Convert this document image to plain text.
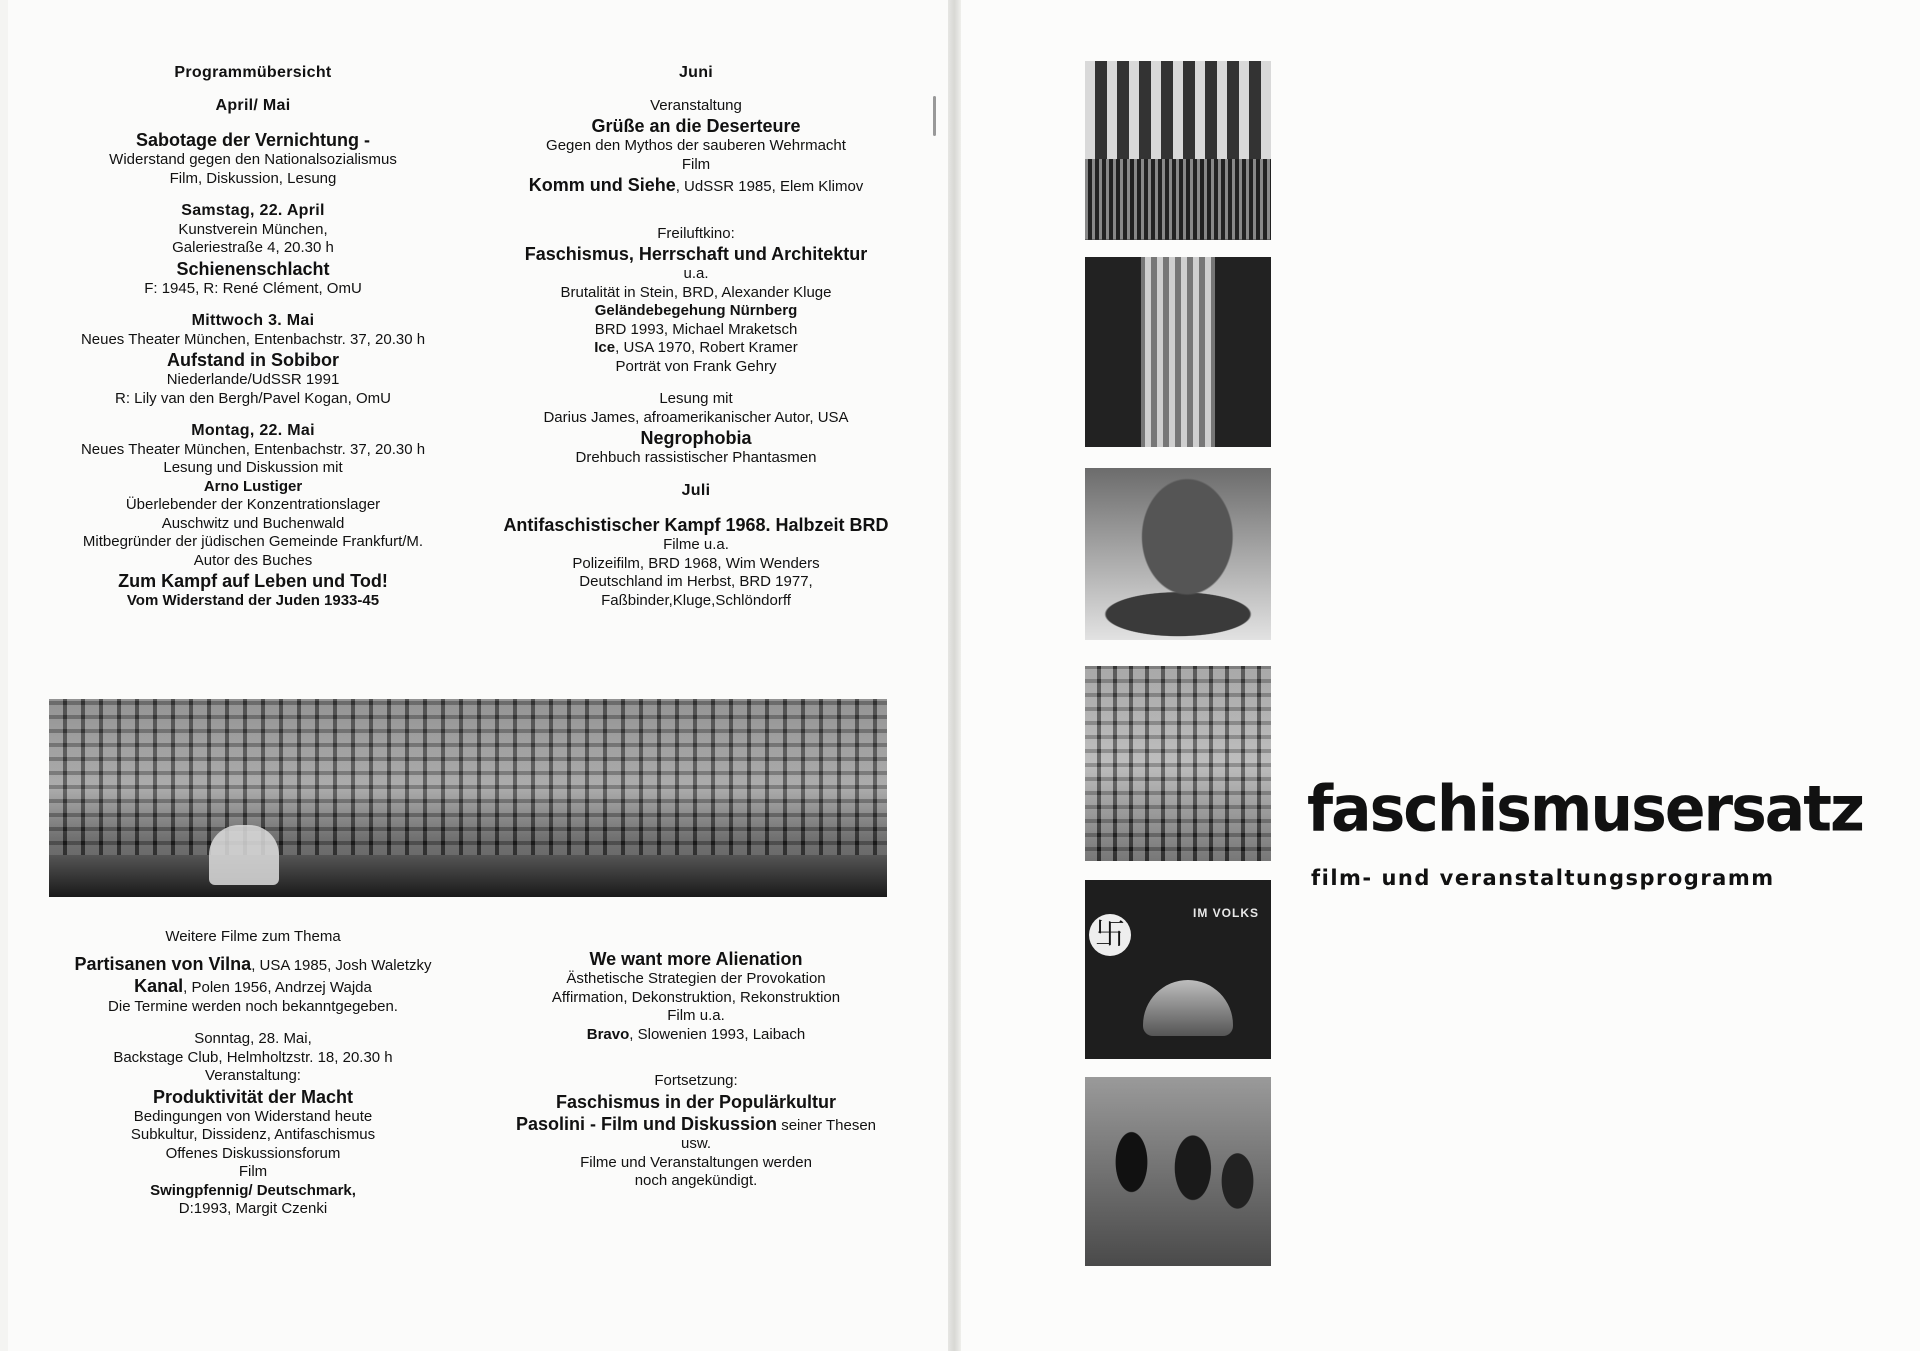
Programmübersicht
April/ Mai
Sabotage der Vernichtung -
Widerstand gegen den Nationalsozialismus
Film, Diskussion, Lesung
Samstag, 22. April
Kunstverein München,
Galeriestraße 4, 20.30 h
Schienenschlacht
F: 1945, R: René Clément, OmU
Mittwoch 3. Mai
Neues Theater München, Entenbachstr. 37, 20.30 h
Aufstand in Sobibor
Niederlande/UdSSR 1991
R: Lily van den Bergh/Pavel Kogan, OmU
Montag, 22. Mai
Neues Theater München, Entenbachstr. 37, 20.30 h
Lesung und Diskussion mit
Arno Lustiger
Überlebender der Konzentrationslager
Auschwitz und Buchenwald
Mitbegründer der jüdischen Gemeinde Frankfurt/M.
Autor des Buches
Zum Kampf auf Leben und Tod!
Vom Widerstand der Juden 1933-45
Juni
Veranstaltung
Grüße an die Deserteure
Gegen den Mythos der sauberen Wehrmacht
Film
Komm und Siehe, UdSSR 1985, Elem Klimov
Freiluftkino:
Faschismus, Herrschaft und Architektur
u.a.
Brutalität in Stein, BRD, Alexander Kluge
Geländebegehung Nürnberg
BRD 1993, Michael Mraketsch
Ice, USA 1970, Robert Kramer
Porträt von Frank Gehry
Lesung mit
Darius James, afroamerikanischer Autor, USA
Negrophobia
Drehbuch rassistischer Phantasmen
Juli
Antifaschistischer Kampf 1968. Halbzeit BRD
Filme u.a.
Polizeifilm, BRD 1968, Wim Wenders
Deutschland im Herbst, BRD 1977,
Faßbinder,Kluge,Schlöndorff
Weitere Filme zum Thema
Partisanen von Vilna, USA 1985, Josh Waletzky
Kanal, Polen 1956, Andrzej Wajda
Die Termine werden noch bekanntgegeben.
Sonntag, 28. Mai,
Backstage Club, Helmholtzstr. 18, 20.30 h
Veranstaltung:
Produktivität der Macht
Bedingungen von Widerstand heute
Subkultur, Dissidenz, Antifaschismus
Offenes Diskussionsforum
Film
Swingpfennig/ Deutschmark,
D:1993, Margit Czenki
We want more Alienation
Ästhetische Strategien der Provokation
Affirmation, Dekonstruktion, Rekonstruktion
Film u.a.
Bravo, Slowenien 1993, Laibach
Fortsetzung:
Faschismus in der Populärkultur
Pasolini - Film und Diskussion seiner Thesen
usw.
Filme und Veranstaltungen werden
noch angekündigt.
卐
IM VOLKS
faschismusersatz
film- und veranstaltungsprogramm
